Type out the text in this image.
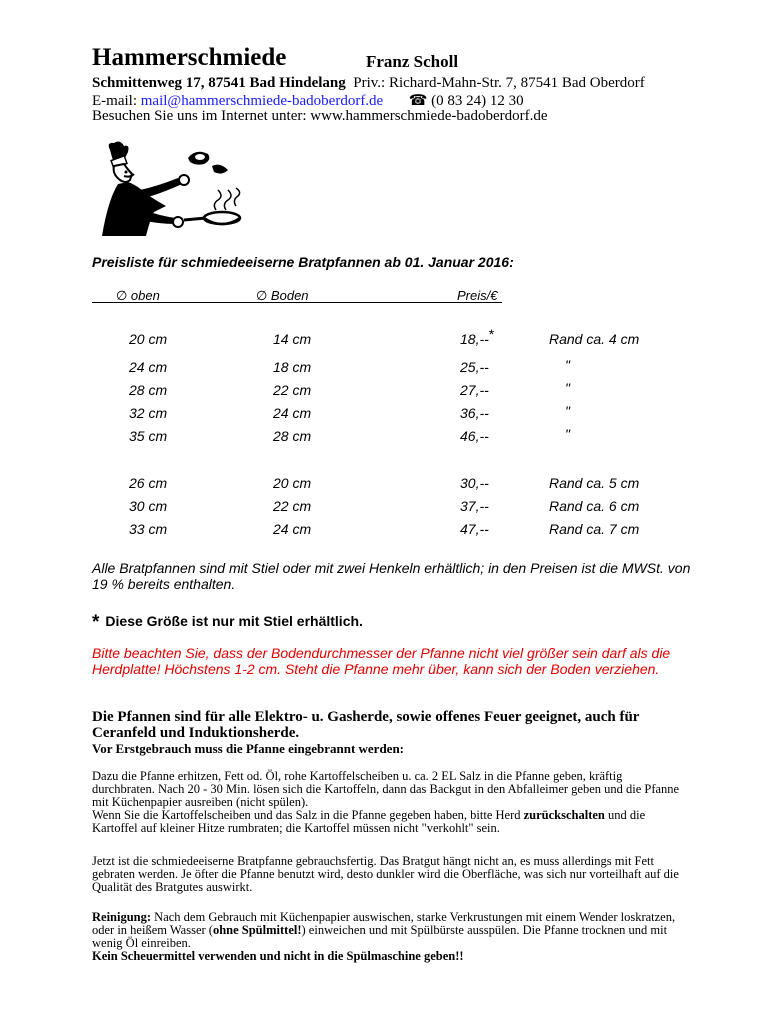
Hammerschmiede	Franz Scholl
Schmittenweg 17, 87541 Bad Hindelang Priv.: Richard-Mahn-Str. 7, 87541 Bad Oberdorf
E-mail: mail@hammerschmiede-badoberdorf.de ☎ (0 83 24) 12 30
Besuchen Sie uns im Internet unter: www.hammerschmiede-badoberdorf.de
Preisliste für schmiedeeiserne Bratpfannen ab 01. Januar 2016:
∅ oben	∅ Boden	Preis/€
20 cm	14 cm	18,--*	Rand ca. 4 cm
24 cm	18 cm	25,--	"
28 cm	22 cm	27,--	"
32 cm	24 cm	36,--	"
35 cm	28 cm	46,--	"
26 cm	20 cm	30,--	Rand ca. 5 cm
30 cm	22 cm	37,--	Rand ca. 6 cm
33 cm	24 cm	47,--	Rand ca. 7 cm
Alle Bratpfannen sind mit Stiel oder mit zwei Henkeln erhältlich; in den Preisen ist die MWSt. von 19 % bereits enthalten.
* Diese Größe ist nur mit Stiel erhältlich.
Bitte beachten Sie, dass der Bodendurchmesser der Pfanne nicht viel größer sein darf als die Herdplatte! Höchstens 1-2 cm. Steht die Pfanne mehr über, kann sich der Boden verziehen.
Die Pfannen sind für alle Elektro- u. Gasherde, sowie offenes Feuer geeignet, auch für Ceranfeld und Induktionsherde.
Vor Erstgebrauch muss die Pfanne eingebrannt werden:
Dazu die Pfanne erhitzen, Fett od. Öl, rohe Kartoffelscheiben u. ca. 2 EL Salz in die Pfanne geben, kräftig durchbraten. Nach 20 - 30 Min. lösen sich die Kartoffeln, dann das Backgut in den Abfalleimer geben und die Pfanne mit Küchenpapier ausreiben (nicht spülen).
Wenn Sie die Kartoffelscheiben und das Salz in die Pfanne gegeben haben, bitte Herd zurückschalten und die Kartoffel auf kleiner Hitze rumbraten; die Kartoffel müssen nicht "verkohlt" sein.
Jetzt ist die schmiedeeiserne Bratpfanne gebrauchsfertig. Das Bratgut hängt nicht an, es muss allerdings mit Fett gebraten werden. Je öfter die Pfanne benutzt wird, desto dunkler wird die Oberfläche, was sich nur vorteilhaft auf die Qualität des Bratgutes auswirkt.
Reinigung: Nach dem Gebrauch mit Küchenpapier auswischen, starke Verkrustungen mit einem Wender loskratzen, oder in heißem Wasser (ohne Spülmittel!) einweichen und mit Spülbürste ausspülen. Die Pfanne trocknen und mit wenig Öl einreiben.
Kein Scheuermittel verwenden und nicht in die Spülmaschine geben!!
